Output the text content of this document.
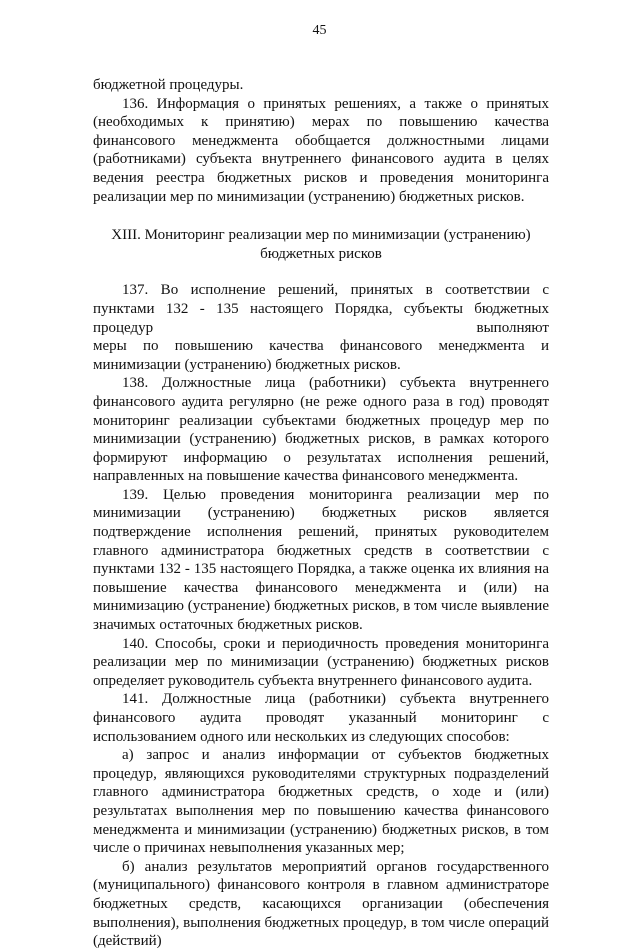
45

бюджетной процедуры.

136. Информация о принятых решениях, а также о принятых (необходимых к принятию) мерах по повышению качества финансового менеджмента обобщается должностными лицами (работниками) субъекта внутреннего финансового аудита в целях ведения реестра бюджетных рисков и проведения мониторинга реализации мер по минимизации (устранению) бюджетных рисков.

XIII. Мониторинг реализации мер по минимизации (устранению)
бюджетных рисков

137. Во исполнение решений, принятых в соответствии с пунктами 132 - 135 настоящего Порядка, субъекты бюджетных процедур выполняют

меры по повышению качества финансового менеджмента и минимизации (устранению) бюджетных рисков.

138. Должностные лица (работники) субъекта внутреннего финансового аудита регулярно (не реже одного раза в год) проводят мониторинг реализации субъектами бюджетных процедур мер по минимизации (устранению) бюджетных рисков, в рамках которого формируют информацию о результатах исполнения решений, направленных на повышение качества финансового менеджмента.

139. Целью проведения мониторинга реализации мер по минимизации (устранению) бюджетных рисков является подтверждение исполнения решений, принятых руководителем главного администратора бюджетных средств в соответствии с пунктами 132 - 135 настоящего Порядка, а также оценка их влияния на повышение качества финансового менеджмента и (или) на минимизацию (устранение) бюджетных рисков, в том числе выявление значимых остаточных бюджетных рисков.

140. Способы, сроки и периодичность проведения мониторинга реализации мер по минимизации (устранению) бюджетных рисков определяет руководитель субъекта внутреннего финансового аудита.

141. Должностные лица (работники) субъекта внутреннего финансового аудита проводят указанный мониторинг с использованием одного или нескольких из следующих способов:

а) запрос и анализ информации от субъектов бюджетных процедур, являющихся руководителями структурных подразделений главного администратора бюджетных средств, о ходе и (или) результатах выполнения мер по повышению качества финансового менеджмента и минимизации (устранению) бюджетных рисков, в том числе о причинах невыполнения указанных мер;

б) анализ результатов мероприятий органов государственного (муниципального) финансового контроля в главном администраторе бюджетных средств, касающихся организации (обеспечения выполнения), выполнения бюджетных процедур, в том числе операций (действий)
